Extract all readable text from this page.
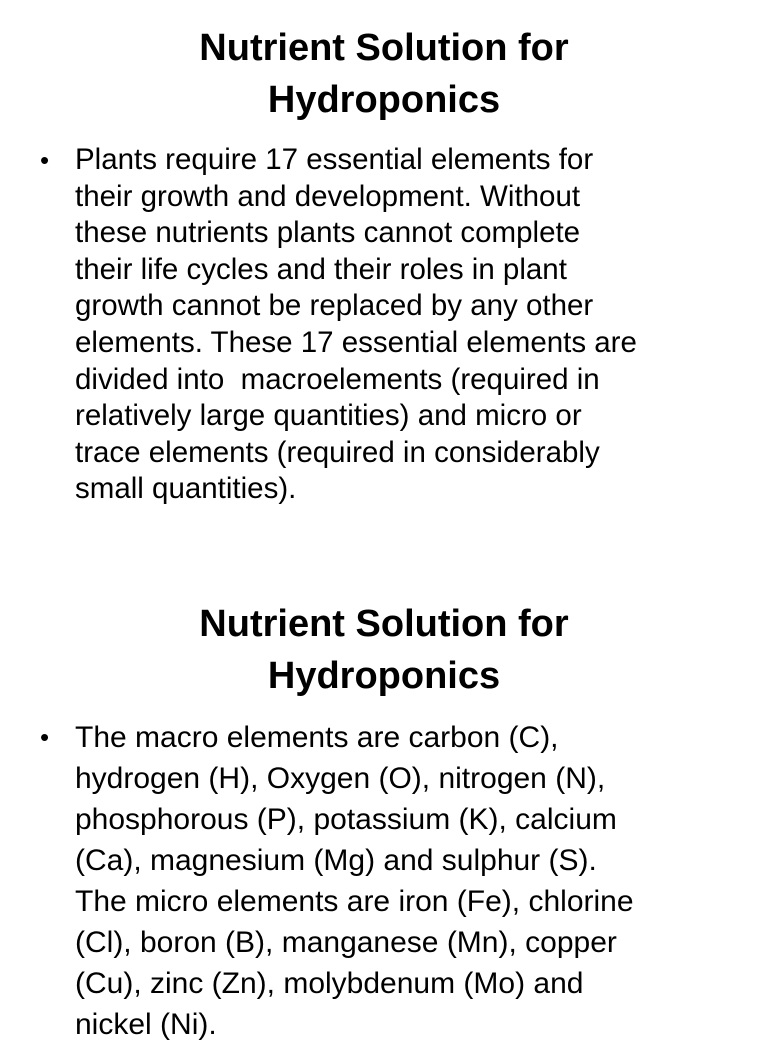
Nutrient Solution for
Hydroponics
• Plants require 17 essential elements for
their growth and development. Without
these nutrients plants cannot complete
their life cycles and their roles in plant
growth cannot be replaced by any other
elements. These 17 essential elements are
divided into  macroelements (required in
relatively large quantities) and micro or
trace elements (required in considerably
small quantities).

Nutrient Solution for
Hydroponics
• The macro elements are carbon (C),
hydrogen (H), Oxygen (O), nitrogen (N),
phosphorous (P), potassium (K), calcium
(Ca), magnesium (Mg) and sulphur (S).
The micro elements are iron (Fe), chlorine
(Cl), boron (B), manganese (Mn), copper
(Cu), zinc (Zn), molybdenum (Mo) and
nickel (Ni).
